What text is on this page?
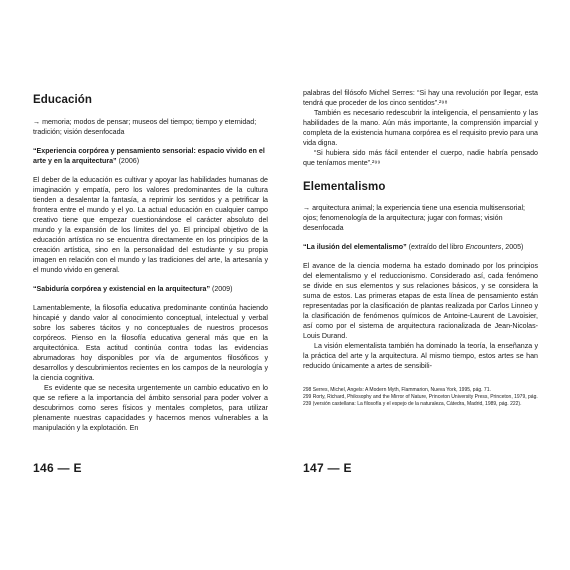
Educación
→ memoria; modos de pensar; museos del tiempo; tiempo y eternidad; tradición; visión desenfocada
“Experiencia corpórea y pensamiento sensorial: espacio vivido en el arte y en la arquitectura” (2006)

El deber de la educación es cultivar y apoyar las habilidades humanas de imaginación y empatía, pero los valores predominantes de la cultura tienden a desalentar la fantasía, a reprimir los sentidos y a petrificar la frontera entre el mundo y el yo. La actual educación en cualquier campo creativo tiene que empezar cuestionándose el carácter absoluto del mundo y la expansión de los límites del yo. El principal objetivo de la educación artística no se encuentra directamente en los principios de la creación artística, sino en la personalidad del estudiante y su propia imagen en relación con el mundo y las tradiciones del arte, la artesanía y el mundo vivido en general.

“Sabiduría corpórea y existencial en la arquitectura” (2009)

Lamentablemente, la filosofía educativa predominante continúa haciendo hincapié y dando valor al conocimiento conceptual, intelectual y verbal sobre los saberes tácitos y no conceptuales de nuestros procesos corpóreos. Pienso en la filosofía educativa general más que en la arquitectónica. Esta actitud continúa contra todas las evidencias abrumadoras hoy disponibles por vía de argumentos filosóficos y desarrollos y descubrimientos recientes en los campos de la neurología y la ciencia cognitiva.

Es evidente que se necesita urgentemente un cambio educativo en lo que se refiere a la importancia del ámbito sensorial para poder volver a descubrirnos como seres físicos y mentales completos, para utilizar plenamente nuestras capacidades y hacernos menos vulnerables a la manipulación y la explotación. En

palabras del filósofo Michel Serres: “Si hay una revolución por llegar, esta tendrá que proceder de los cinco sentidos”.²⁹⁸

También es necesario redescubrir la inteligencia, el pensamiento y las habilidades de la mano. Aún más importante, la comprensión imparcial y completa de la existencia humana corpórea es el requisito previo para una vida digna.

“Si hubiera sido más fácil entender el cuerpo, nadie habría pensado que teníamos mente”.²⁹⁹

Elementalismo
→ arquitectura animal; la experiencia tiene una esencia multisensorial; ojos; fenomenología de la arquitectura; jugar con formas; visión desenfocada
“La ilusión del elementalismo” (extraído del libro Encounters, 2005)

El avance de la ciencia moderna ha estado dominado por los principios del elementalismo y el reduccionismo. Considerado así, cada fenómeno se divide en sus elementos y sus relaciones básicos, y se considera la suma de estos. Las primeras etapas de esta línea de pensamiento están representadas por la clasificación de plantas realizada por Carlos Linneo y la clasificación de fenómenos químicos de Antoine-Laurent de Lavoisier, así como por el sistema de arquitectura racionalizada de Jean-Nicolas-Louis Durand.

La visión elementalista también ha dominado la teoría, la enseñanza y la práctica del arte y la arquitectura. Al mismo tiempo, estos artes se han reducido únicamente a artes de sensibili-

298 Serres, Michel, Angels: A Modern Myth, Flammarion, Nueva York, 1995, pág. 71.
299 Rorty, Richard, Philosophy and the Mirror of Nature, Princeton University Press, Princeton, 1979, pág. 239 (versión castellana: La filosofía y el espejo de la naturaleza, Cátedra, Madrid, 1989, pág. 222).
146 — E	147 — E
